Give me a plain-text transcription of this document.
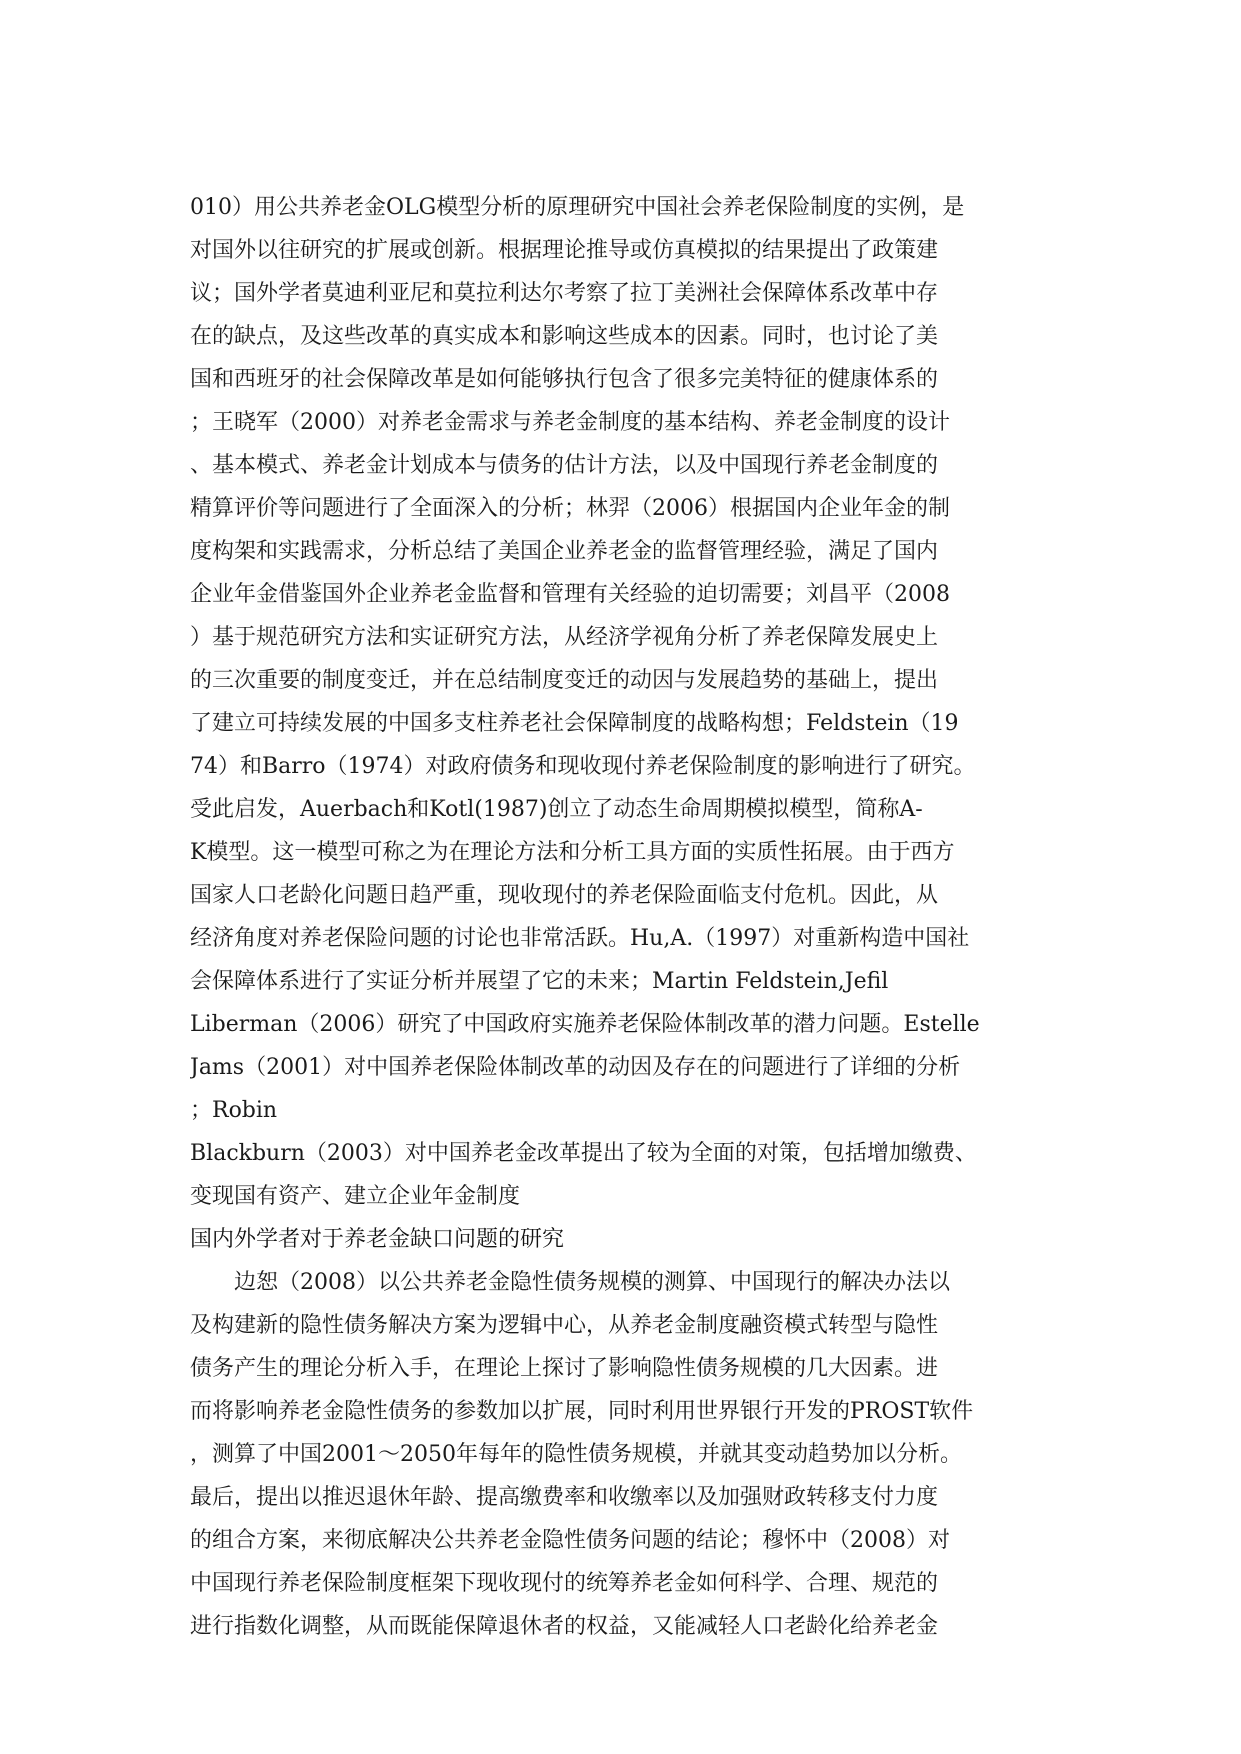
010）用公共养老金OLG模型分析的原理研究中国社会养老保险制度的实例，是
对国外以往研究的扩展或创新。根据理论推导或仿真模拟的结果提出了政策建
议；国外学者莫迪利亚尼和莫拉利达尔考察了拉丁美洲社会保障体系改革中存
在的缺点，及这些改革的真实成本和影响这些成本的因素。同时，也讨论了美
国和西班牙的社会保障改革是如何能够执行包含了很多完美特征的健康体系的
；王晓军（2000）对养老金需求与养老金制度的基本结构、养老金制度的设计
、基本模式、养老金计划成本与债务的估计方法，以及中国现行养老金制度的
精算评价等问题进行了全面深入的分析；林羿（2006）根据国内企业年金的制
度构架和实践需求，分析总结了美国企业养老金的监督管理经验，满足了国内
企业年金借鉴国外企业养老金监督和管理有关经验的迫切需要；刘昌平（2008
）基于规范研究方法和实证研究方法，从经济学视角分析了养老保障发展史上
的三次重要的制度变迁，并在总结制度变迁的动因与发展趋势的基础上，提出
了建立可持续发展的中国多支柱养老社会保障制度的战略构想；Feldstein（19
74）和Barro（1974）对政府债务和现收现付养老保险制度的影响进行了研究。
受此启发，Auerbach和Kotl(1987)创立了动态生命周期模拟模型，简称A-
K模型。这一模型可称之为在理论方法和分析工具方面的实质性拓展。由于西方
国家人口老龄化问题日趋严重，现收现付的养老保险面临支付危机。因此，从
经济角度对养老保险问题的讨论也非常活跃。Hu,A.（1997）对重新构造中国社
会保障体系进行了实证分析并展望了它的未来；Martin Feldstein,Jefil
Liberman（2006）研究了中国政府实施养老保险体制改革的潜力问题。Estelle
Jams（2001）对中国养老保险体制改革的动因及存在的问题进行了详细的分析
；Robin
Blackburn（2003）对中国养老金改革提出了较为全面的对策，包括增加缴费、
变现国有资产、建立企业年金制度
国内外学者对于养老金缺口问题的研究
边恕（2008）以公共养老金隐性债务规模的测算、中国现行的解决办法以
及构建新的隐性债务解决方案为逻辑中心，从养老金制度融资模式转型与隐性
债务产生的理论分析入手，在理论上探讨了影响隐性债务规模的几大因素。进
而将影响养老金隐性债务的参数加以扩展，同时利用世界银行开发的PROST软件
，测算了中国2001～2050年每年的隐性债务规模，并就其变动趋势加以分析。
最后，提出以推迟退休年龄、提高缴费率和收缴率以及加强财政转移支付力度
的组合方案，来彻底解决公共养老金隐性债务问题的结论；穆怀中（2008）对
中国现行养老保险制度框架下现收现付的统筹养老金如何科学、合理、规范的
进行指数化调整，从而既能保障退休者的权益，又能减轻人口老龄化给养老金
